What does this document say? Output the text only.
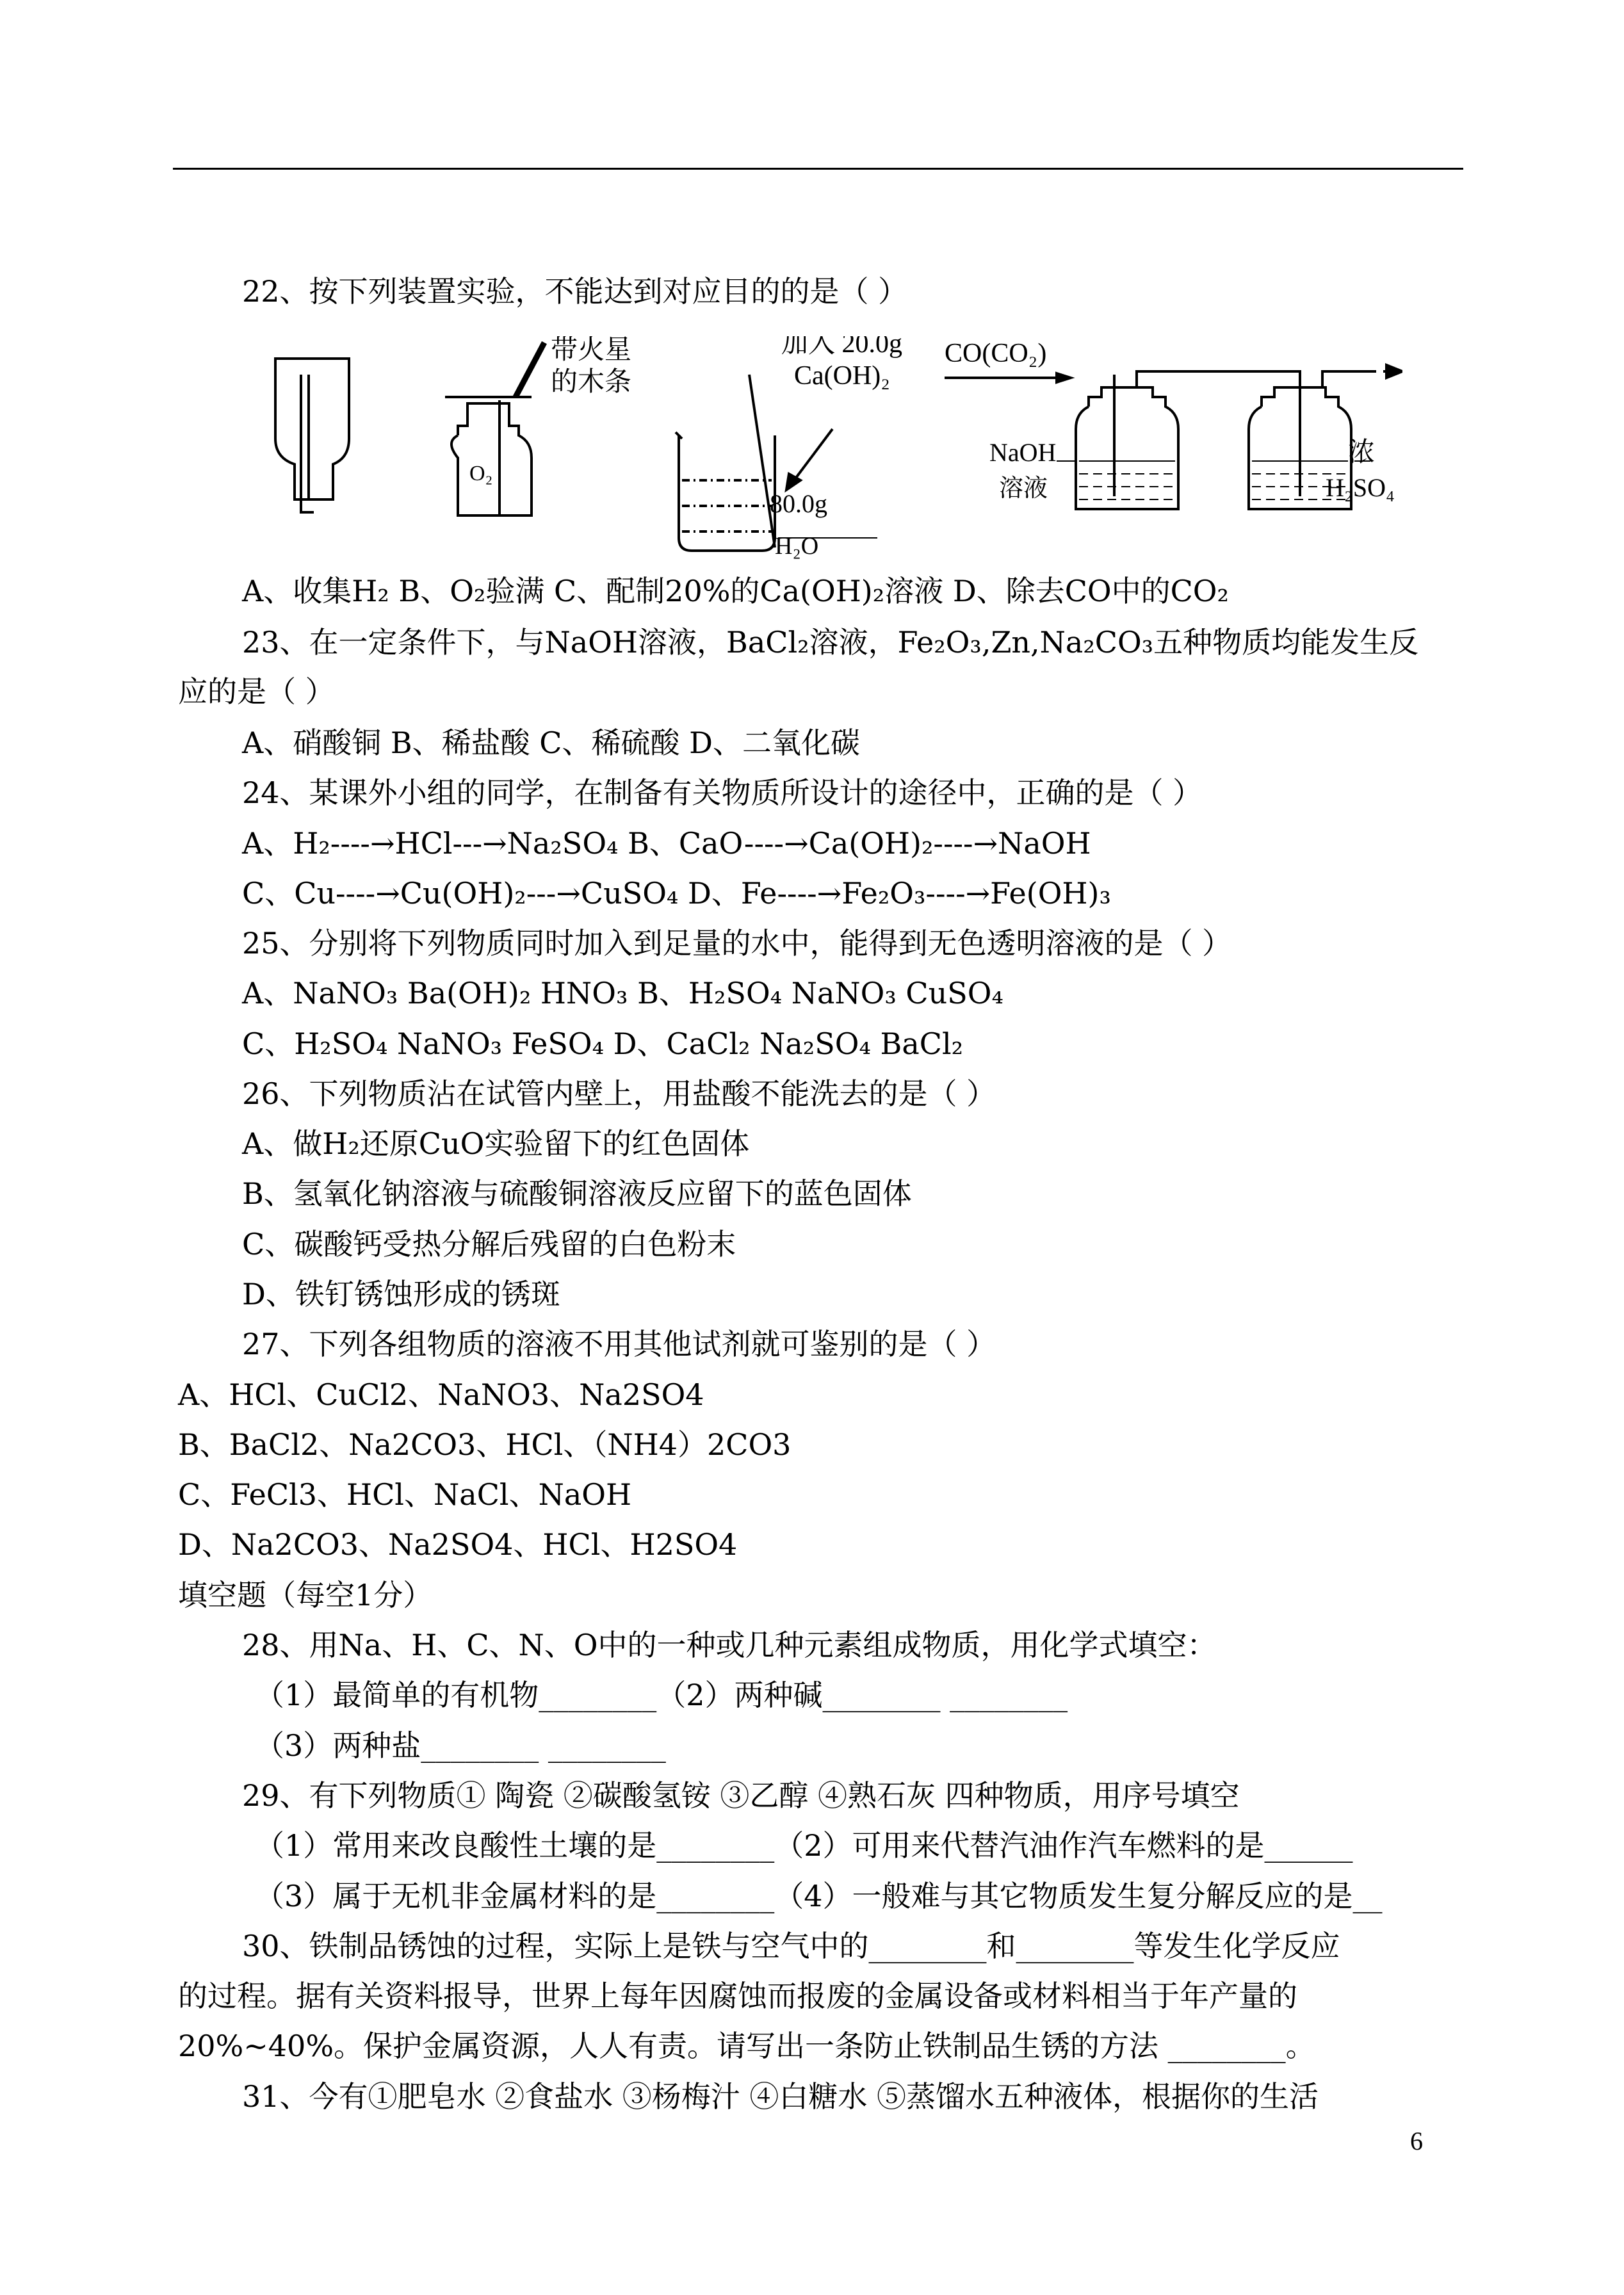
O₂
带火星
的木条
加入 20.0g
Ca(OH)₂
80.0g
H₂O
CO(CO₂)
NaOH
溶液
浓
H₂SO₄
22、按下列装置实验，不能达到对应目的的是（ ）
A、收集H₂ B、O₂验满 C、配制20%的Ca(OH)₂溶液 D、除去CO中的CO₂
23、在一定条件下，与NaOH溶液，BaCl₂溶液，Fe₂O₃,Zn,Na₂CO₃五种物质均能发生反
应的是（ ）
A、硝酸铜 B、稀盐酸 C、稀硫酸 D、二氧化碳
24、某课外小组的同学，在制备有关物质所设计的途径中，正确的是（ ）
A、H₂----→HCl---→Na₂SO₄ B、CaO----→Ca(OH)₂----→NaOH
C、Cu----→Cu(OH)₂---→CuSO₄ D、Fe----→Fe₂O₃----→Fe(OH)₃
25、分别将下列物质同时加入到足量的水中，能得到无色透明溶液的是（ ）
A、NaNO₃ Ba(OH)₂ HNO₃ B、H₂SO₄ NaNO₃ CuSO₄
C、H₂SO₄ NaNO₃ FeSO₄ D、CaCl₂ Na₂SO₄ BaCl₂
26、下列物质沾在试管内壁上，用盐酸不能洗去的是（ ）
A、做H₂还原CuO实验留下的红色固体
B、氢氧化钠溶液与硫酸铜溶液反应留下的蓝色固体
C、碳酸钙受热分解后残留的白色粉末
D、铁钉锈蚀形成的锈斑
27、下列各组物质的溶液不用其他试剂就可鉴别的是（ ）
A、HCl、CuCl2、NaNO3、Na2SO4
B、BaCl2、Na2CO3、HCl、（NH4）2CO3
C、FeCl3、HCl、NaCl、NaOH
D、Na2CO3、Na2SO4、HCl、H2SO4
填空题（每空1分）
28、用Na、H、C、N、O中的一种或几种元素组成物质，用化学式填空：
（1）最简单的有机物________（2）两种碱________ ________
（3）两种盐________ ________
29、有下列物质① 陶瓷 ②碳酸氢铵 ③乙醇 ④熟石灰 四种物质，用序号填空
（1）常用来改良酸性土壤的是________（2）可用来代替汽油作汽车燃料的是______
（3）属于无机非金属材料的是________（4）一般难与其它物质发生复分解反应的是__
30、铁制品锈蚀的过程，实际上是铁与空气中的________和________等发生化学反应
的过程。据有关资料报导，世界上每年因腐蚀而报废的金属设备或材料相当于年产量的
20%~40%。保护金属资源，人人有责。请写出一条防止铁制品生锈的方法 ________。
31、今有①肥皂水 ②食盐水 ③杨梅汁 ④白糖水 ⑤蒸馏水五种液体，根据你的生活
6
